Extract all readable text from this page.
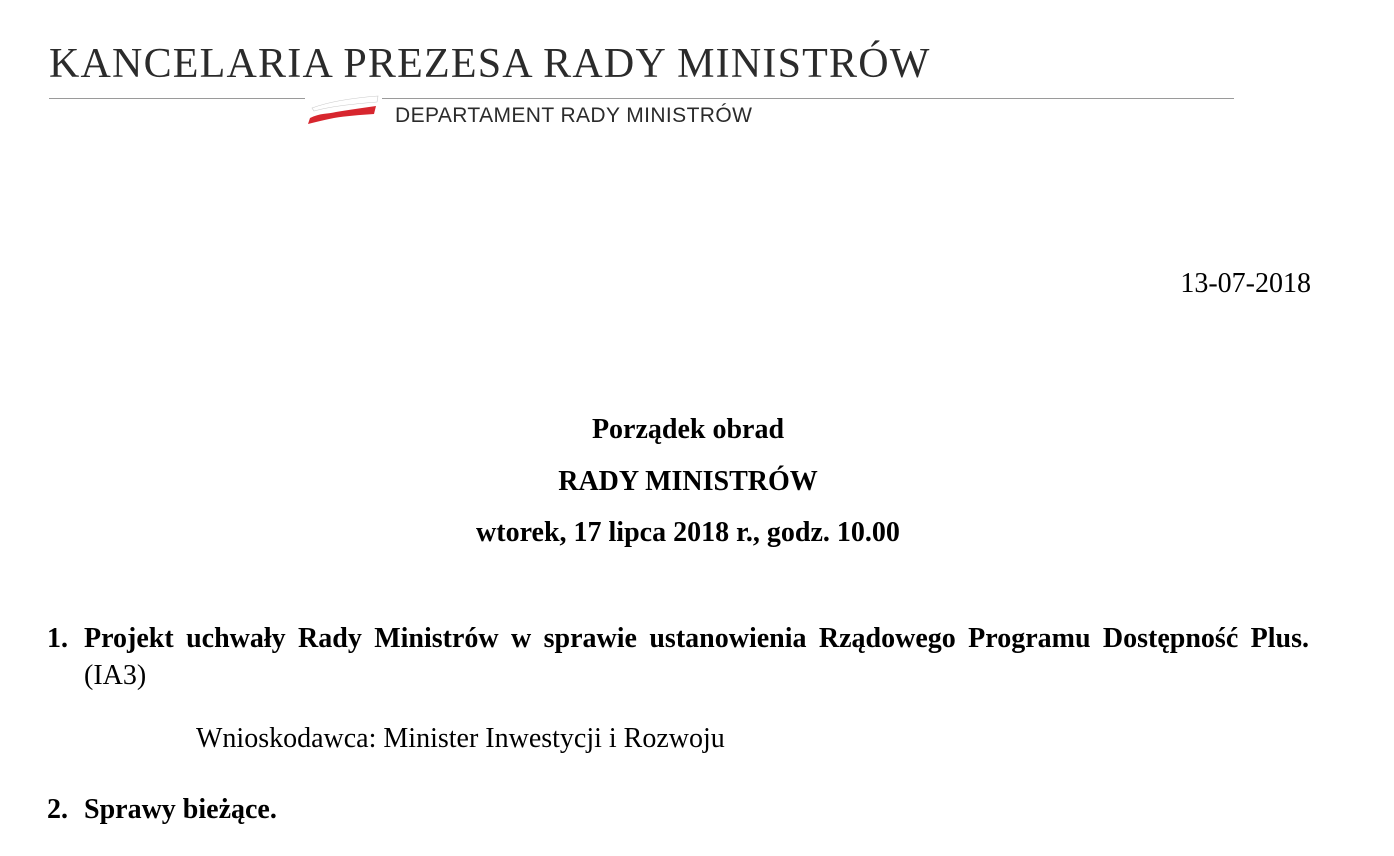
KANCELARIA PREZESA RADY MINISTRÓW
DEPARTAMENT RADY MINISTRÓW
13-07-2018
Porządek obrad
RADY MINISTRÓW
wtorek, 17 lipca 2018 r., godz. 10.00
1. Projekt uchwały Rady Ministrów w sprawie ustanowienia Rządowego Programu Dostępność Plus. (IA3)
Wnioskodawca: Minister Inwestycji i Rozwoju
2. Sprawy bieżące.
